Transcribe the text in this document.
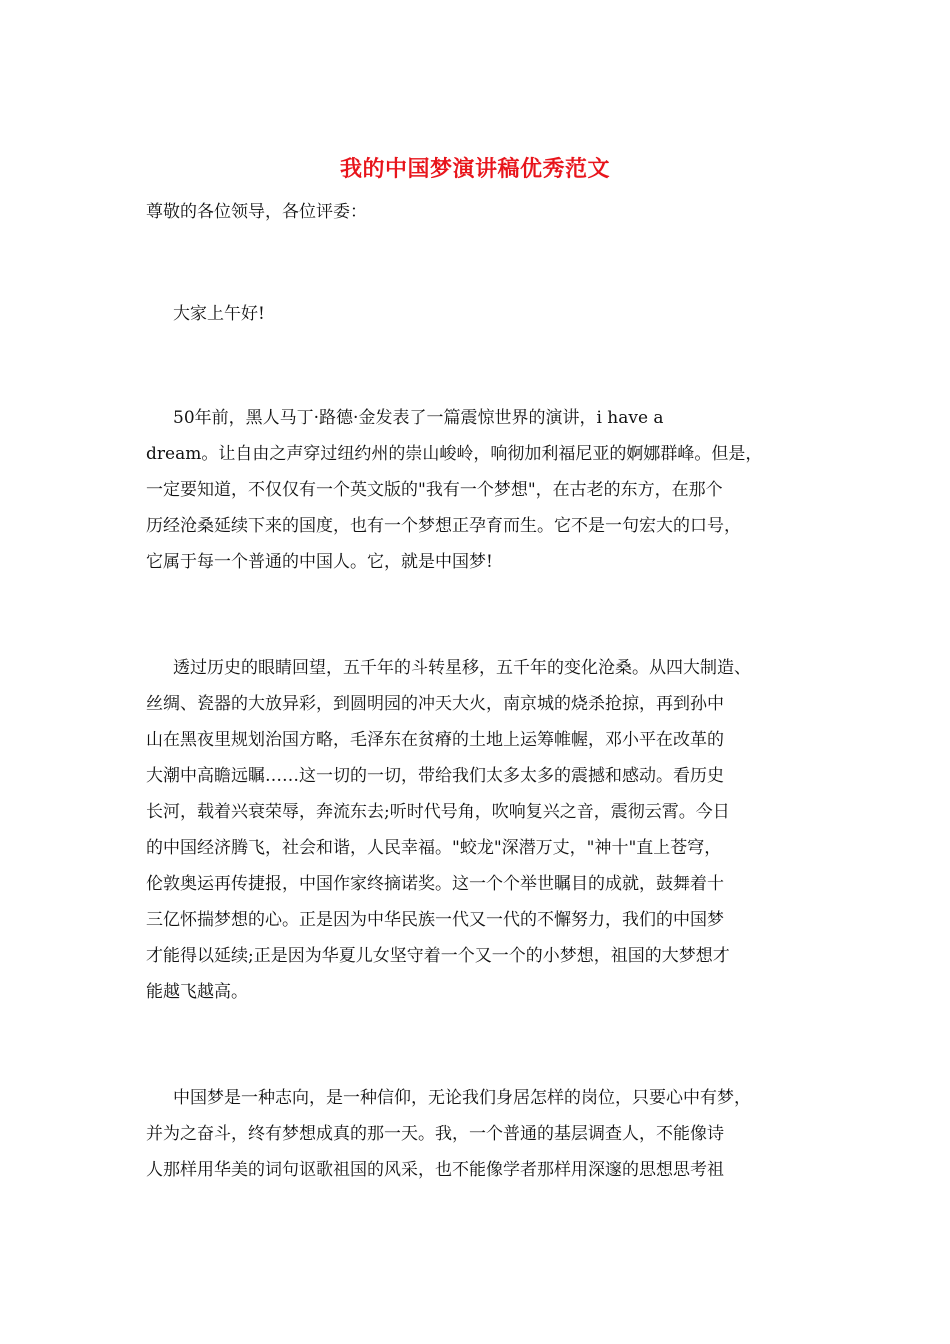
我的中国梦演讲稿优秀范文
尊敬的各位领导，各位评委：
大家上午好!
50年前，黑人马丁·路德·金发表了一篇震惊世界的演讲，i have a
dream。让自由之声穿过纽约州的崇山峻岭，响彻加利福尼亚的婀娜群峰。但是，
一定要知道，不仅仅有一个英文版的"我有一个梦想"，在古老的东方，在那个
历经沧桑延续下来的国度，也有一个梦想正孕育而生。它不是一句宏大的口号，
它属于每一个普通的中国人。它，就是中国梦!
透过历史的眼睛回望，五千年的斗转星移，五千年的变化沧桑。从四大制造、
丝绸、瓷器的大放异彩，到圆明园的冲天大火，南京城的烧杀抢掠，再到孙中
山在黑夜里规划治国方略，毛泽东在贫瘠的土地上运筹帷幄，邓小平在改革的
大潮中高瞻远瞩……这一切的一切，带给我们太多太多的震撼和感动。看历史
长河，载着兴衰荣辱，奔流东去;听时代号角，吹响复兴之音，震彻云霄。今日
的中国经济腾飞，社会和谐，人民幸福。"蛟龙"深潜万丈，"神十"直上苍穹，
伦敦奥运再传捷报，中国作家终摘诺奖。这一个个举世瞩目的成就，鼓舞着十
三亿怀揣梦想的心。正是因为中华民族一代又一代的不懈努力，我们的中国梦
才能得以延续;正是因为华夏儿女坚守着一个又一个的小梦想，祖国的大梦想才
能越飞越高。
中国梦是一种志向，是一种信仰，无论我们身居怎样的岗位，只要心中有梦，
并为之奋斗，终有梦想成真的那一天。我，一个普通的基层调查人，不能像诗
人那样用华美的词句讴歌祖国的风采，也不能像学者那样用深邃的思想思考祖
